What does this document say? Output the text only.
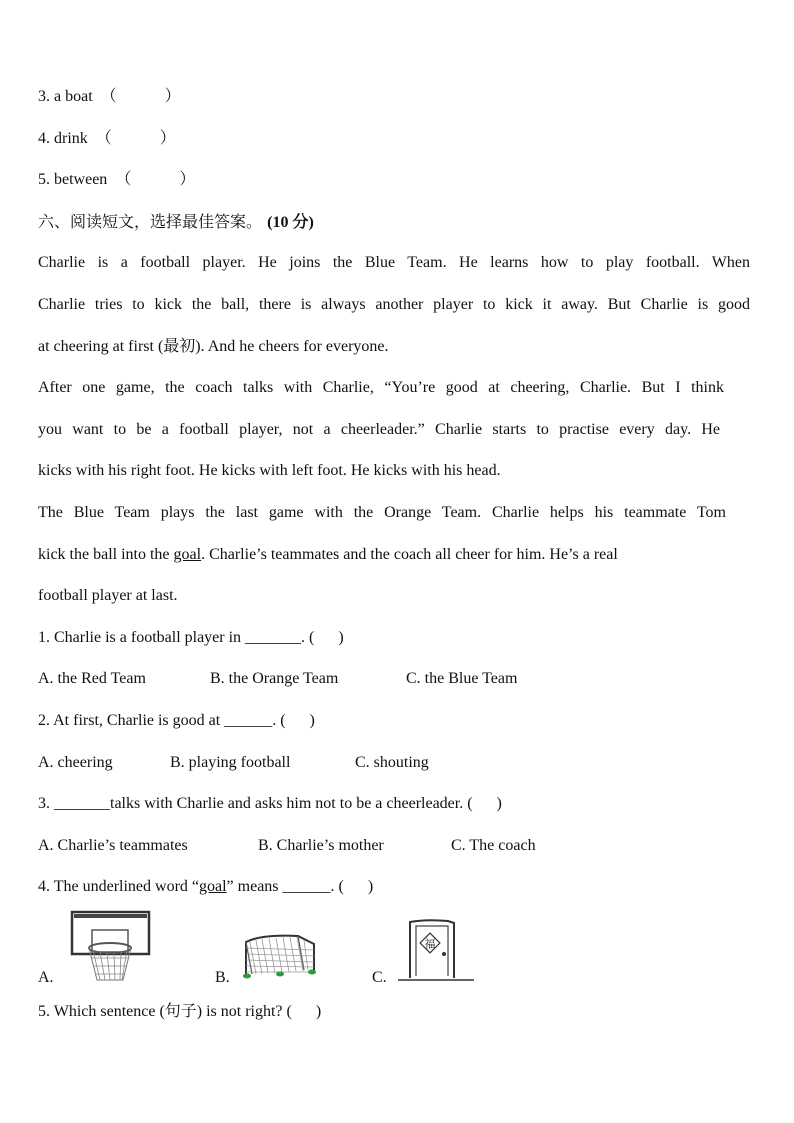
3. a boat （            ）
4. drink （            ）
5. between （            ）
六、阅读短文，选择最佳答案。 (10 分)
Charlie is a football player. He joins the Blue Team. He learns how to play football. When
Charlie tries to kick the ball, there is always another player to kick it away. But Charlie is good
at cheering at first (最初). And he cheers for everyone.
After one game, the coach talks with Charlie, “You’re good at cheering, Charlie. But I think
you want to be a football player, not a cheerleader.” Charlie starts to practise every day. He
kicks with his right foot. He kicks with left foot. He kicks with his head.
The Blue Team plays the last game with the Orange Team. Charlie helps his teammate Tom
kick the ball into the goal. Charlie’s teammates and the coach all cheer for him. He’s a real
football player at last.
1. Charlie is a football player in _______. (      )
A. the Red Team	B. the Orange Team	C. the Blue Team
2. At first, Charlie is good at ______. (      )
A. cheering	B. playing football	C. shouting
3. _______talks with Charlie and asks him not to be a cheerleader. (      )
A. Charlie’s teammates	B. Charlie’s mother	C. The coach
4. The underlined word “goal” means ______. (      )
A.	B.	C.
福
5. Which sentence (句子) is not right? (      )
